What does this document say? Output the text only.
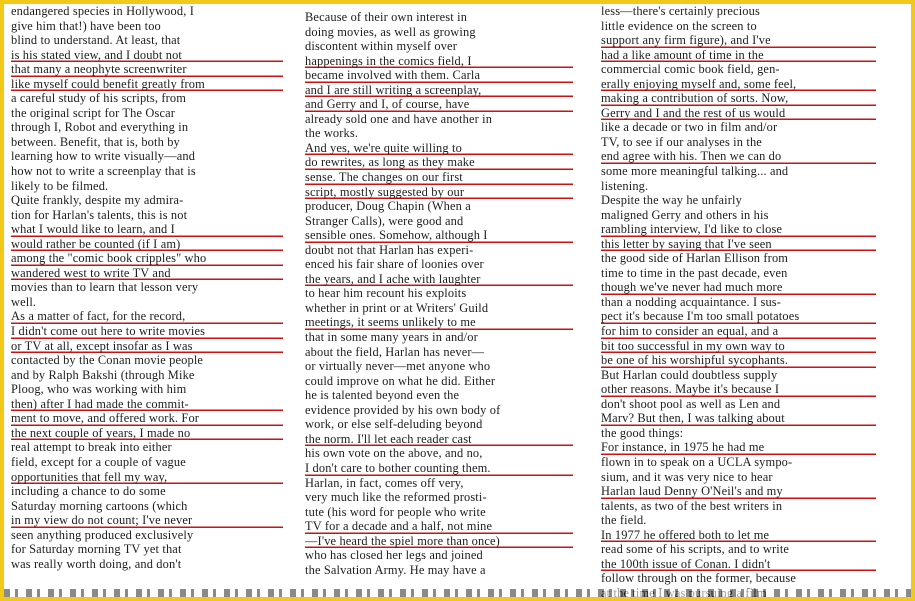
endangered species in Hollywood, I
give him that!) have been too
blind to understand. At least, that
is his stated view, and I doubt not
that many a neophyte screenwriter
like myself could benefit greatly from
a careful study of his scripts, from
the original script for The Oscar
through I, Robot and everything in
between. Benefit, that is, both by
learning how to write visually—and
how not to write a screenplay that is
likely to be filmed.
Quite frankly, despite my admira-
tion for Harlan's talents, this is not
what I would like to learn, and I
would rather be counted (if I am)
among the "comic book cripples" who
wandered west to write TV and
movies than to learn that lesson very
well.
As a matter of fact, for the record,
I didn't come out here to write movies
or TV at all, except insofar as I was
contacted by the Conan movie people
and by Ralph Bakshi (through Mike
Ploog, who was working with him
then) after I had made the commit-
ment to move, and offered work. For
the next couple of years, I made no
real attempt to break into either
field, except for a couple of vague
opportunities that fell my way,
including a chance to do some
Saturday morning cartoons (which
in my view do not count; I've never
seen anything produced exclusively
for Saturday morning TV yet that
was really worth doing, and don't
Because of their own interest in
doing movies, as well as growing
discontent within myself over
happenings in the comics field, I
became involved with them. Carla
and I are still writing a screenplay,
and Gerry and I, of course, have
already sold one and have another in
the works.
And yes, we're quite willing to
do rewrites, as long as they make
sense. The changes on our first
script, mostly suggested by our
producer, Doug Chapin (When a
Stranger Calls), were good and
sensible ones. Somehow, although I
doubt not that Harlan has experi-
enced his fair share of loonies over
the years, and I ache with laughter
to hear him recount his exploits
whether in print or at Writers' Guild
meetings, it seems unlikely to me
that in some many years in and/or
about the field, Harlan has never—
or virtually never—met anyone who
could improve on what he did. Either
he is talented beyond even the
evidence provided by his own body of
work, or else self-deluding beyond
the norm. I'll let each reader cast
his own vote on the above, and no,
I don't care to bother counting them.
Harlan, in fact, comes off very,
very much like the reformed prosti-
tute (his word for people who write
TV for a decade and a half, not mine
—I've heard the spiel more than once)
who has closed her legs and joined
the Salvation Army. He may have a
less—there's certainly precious
little evidence on the screen to
support any firm figure), and I've
had a like amount of time in the
commercial comic book field, gen-
erally enjoying myself and, some feel,
making a contribution of sorts. Now,
Gerry and I and the rest of us would
like a decade or two in film and/or
TV, to see if our analyses in the
end agree with his. Then we can do
some more meaningful talking... and
listening.
Despite the way he unfairly
maligned Gerry and others in his
rambling interview, I'd like to close
this letter by saying that I've seen
the good side of Harlan Ellison from
time to time in the past decade, even
though we've never had much more
than a nodding acquaintance. I sus-
pect it's because I'm too small potatoes
for him to consider an equal, and a
bit too successful in my own way to
be one of his worshipful sycophants.
But Harlan could doubtless supply
other reasons. Maybe it's because I
don't shoot pool as well as Len and
Marv? But then, I was talking about
the good things:
For instance, in 1975 he had me
flown in to speak on a UCLA sympo-
sium, and it was very nice to hear
Harlan laud Denny O'Neil's and my
talents, as two of the best writers in
the field.
In 1977 he offered both to let me
read some of his scripts, and to write
the 100th issue of Conan. I didn't
follow through on the former, because
